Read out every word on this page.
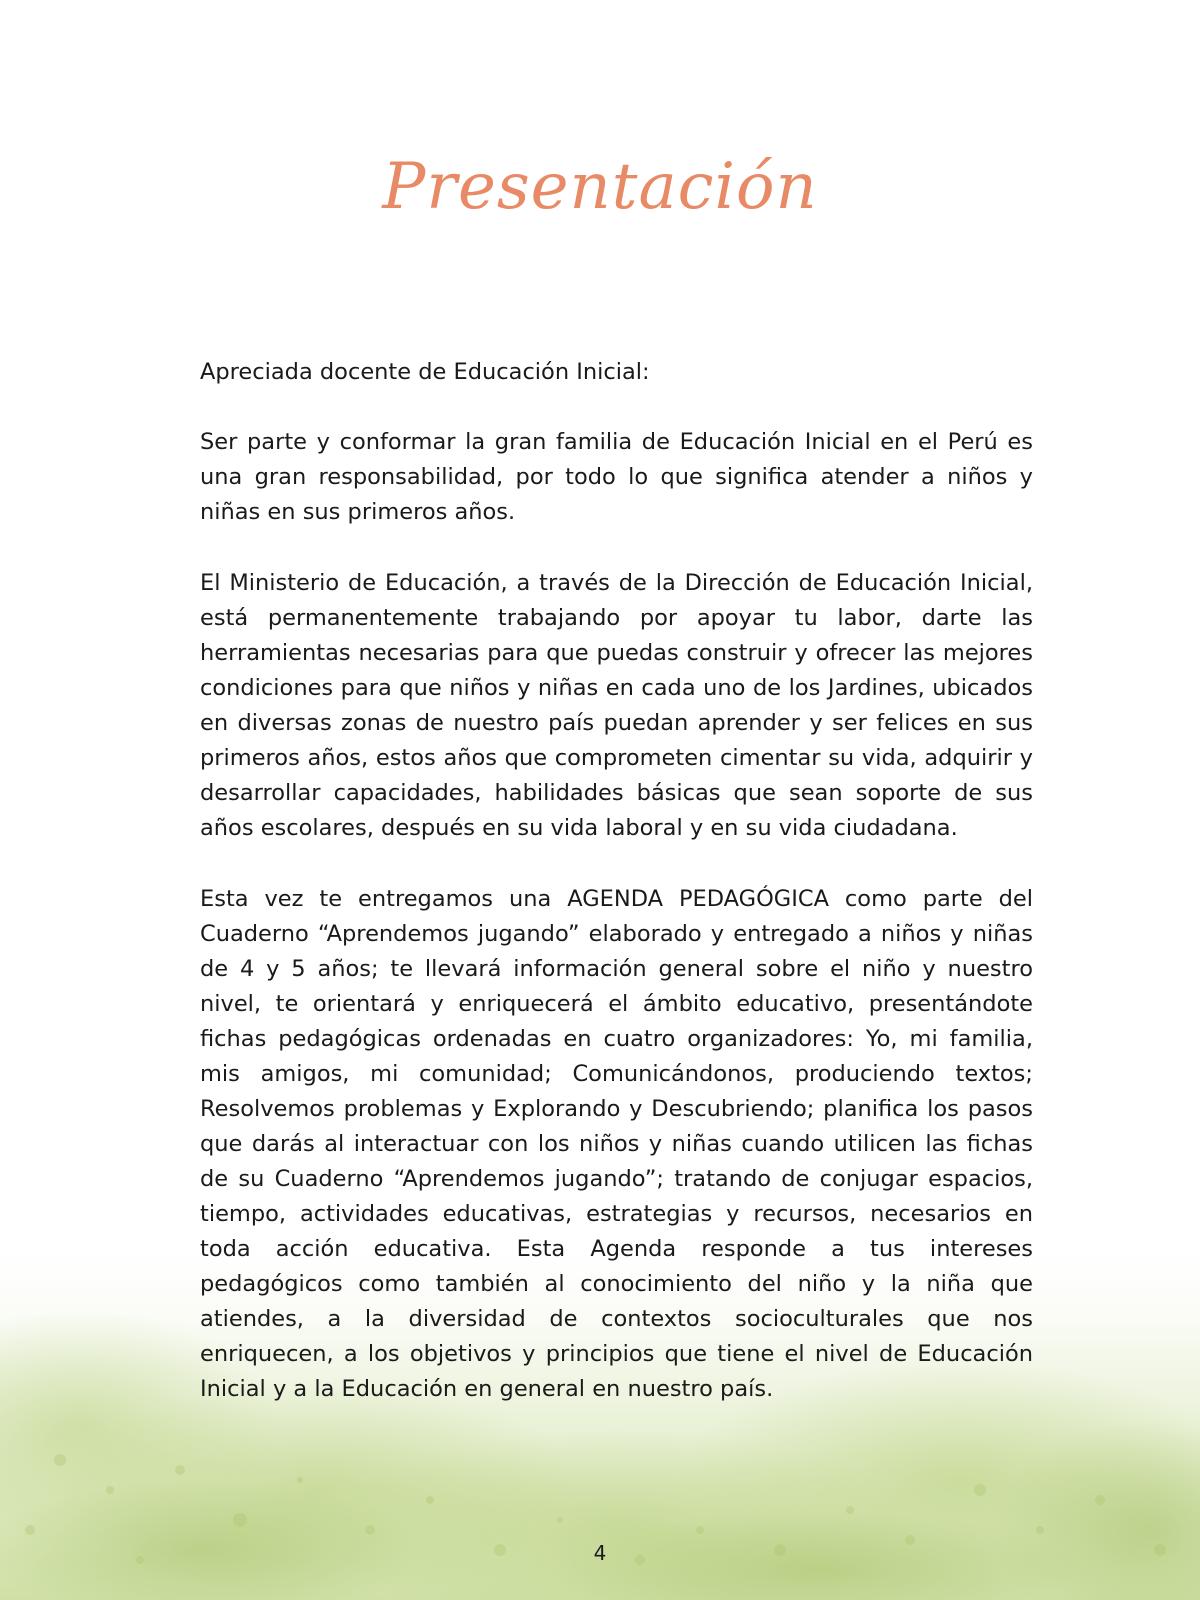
Presentación

Apreciada docente de Educación Inicial:

Ser parte y conformar la gran familia de Educación Inicial en el Perú es una gran responsabilidad, por todo lo que significa atender a niños y niñas en sus primeros años.

El Ministerio de Educación, a través de la Dirección de Educación Inicial, está permanentemente trabajando por apoyar tu labor, darte las herramientas necesarias para que puedas construir y ofrecer las mejores condiciones para que niños y niñas en cada uno de los Jardines, ubicados en diversas zonas de nuestro país puedan aprender y ser felices en sus primeros años, estos años que comprometen cimentar su vida, adquirir y desarrollar capacidades, habilidades básicas que sean soporte de sus años escolares, después en su vida laboral y en su vida ciudadana.

Esta vez te entregamos una AGENDA PEDAGÓGICA como parte del Cuaderno “Aprendemos jugando” elaborado y entregado a niños y niñas de 4 y 5 años; te llevará información general sobre el niño y nuestro nivel, te orientará y enriquecerá el ámbito educativo, presentándote fichas pedagógicas ordenadas en cuatro organizadores: Yo, mi familia, mis amigos, mi comunidad; Comunicándonos, produciendo textos; Resolvemos problemas y Explorando y Descubriendo; planifica los pasos que darás al interactuar con los niños y niñas cuando utilicen las fichas de su Cuaderno “Aprendemos jugando”; tratando de conjugar espacios, tiempo, actividades educativas, estrategias y recursos, necesarios en toda acción educativa. Esta Agenda responde a tus intereses pedagógicos como también al conocimiento del niño y la niña que atiendes, a la diversidad de contextos socioculturales que nos enriquecen, a los objetivos y principios que tiene el nivel de Educación Inicial y a la Educación en general en nuestro país.

4
